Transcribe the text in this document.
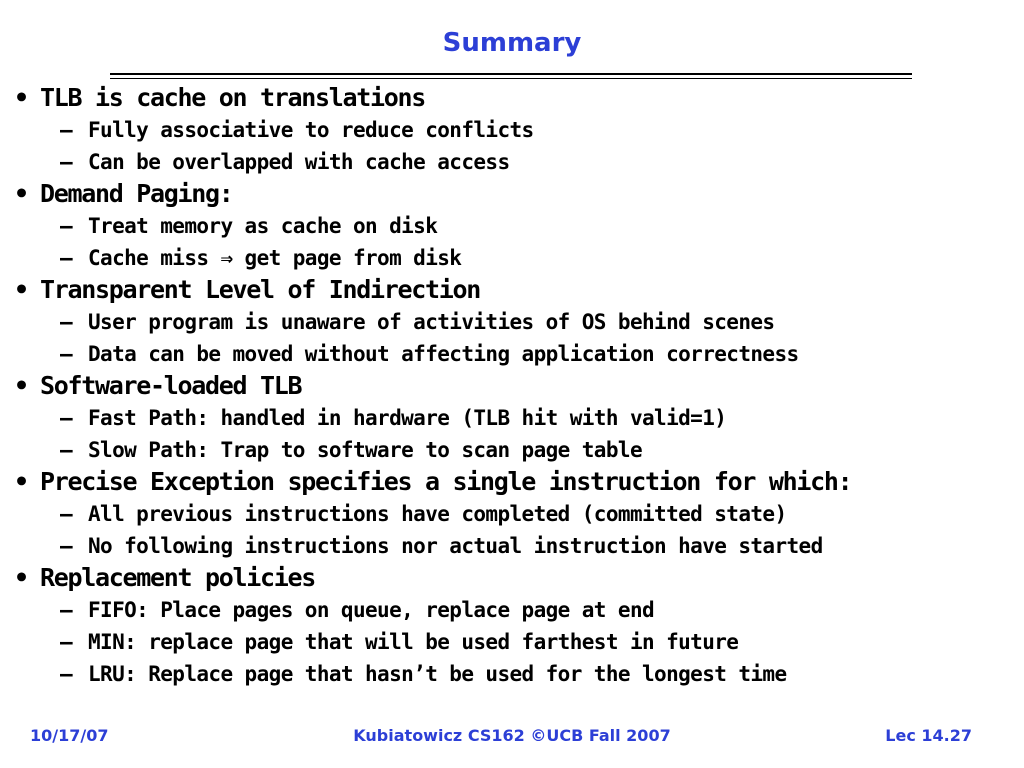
Summary
• TLB is cache on translations
– Fully associative to reduce conflicts
– Can be overlapped with cache access
• Demand Paging:
– Treat memory as cache on disk
– Cache miss ⇒ get page from disk
• Transparent Level of Indirection
– User program is unaware of activities of OS behind scenes
– Data can be moved without affecting application correctness
• Software-loaded TLB
– Fast Path: handled in hardware (TLB hit with valid=1)
– Slow Path: Trap to software to scan page table
• Precise Exception specifies a single instruction for which:
– All previous instructions have completed (committed state)
– No following instructions nor actual instruction have started
• Replacement policies
– FIFO: Place pages on queue, replace page at end
– MIN: replace page that will be used farthest in future
– LRU: Replace page that hasn’t be used for the longest time
10/17/07	Kubiatowicz CS162 ©UCB Fall 2007	Lec 14.27
